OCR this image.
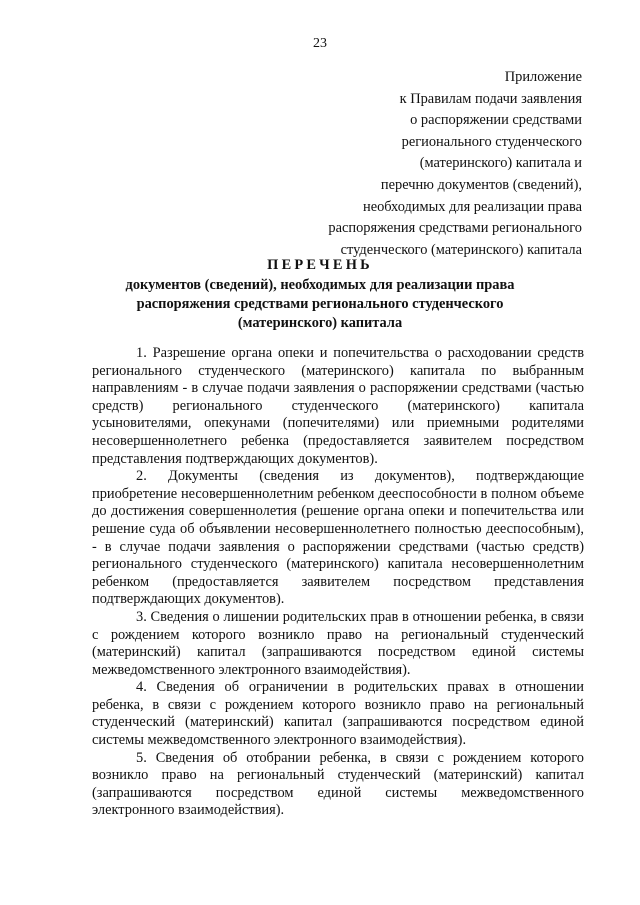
23
Приложение
к Правилам подачи заявления
о распоряжении средствами
регионального студенческого
(материнского) капитала и
перечню документов (сведений),
необходимых для реализации права
распоряжения средствами регионального
студенческого (материнского) капитала
ПЕРЕЧЕНЬ
документов (сведений), необходимых для реализации права
распоряжения средствами регионального студенческого
(материнского) капитала

1. Разрешение органа опеки и попечительства о расходовании средств регионального студенческого (материнского) капитала по выбранным направлениям - в случае подачи заявления о распоряжении средствами (частью средств) регионального студенческого (материнского) капитала усыновителями, опекунами (попечителями) или приемными родителями несовершеннолетнего ребенка (предоставляется заявителем посредством представления подтверждающих документов).

2. Документы (сведения из документов), подтверждающие приобретение несовершеннолетним ребенком дееспособности в полном объеме до достижения совершеннолетия (решение органа опеки и попечительства или решение суда об объявлении несовершеннолетнего полностью дееспособным), - в случае подачи заявления о распоряжении средствами (частью средств) регионального студенческого (материнского) капитала несовершеннолетним ребенком (предоставляется заявителем посредством представления подтверждающих документов).

3. Сведения о лишении родительских прав в отношении ребенка, в связи с рождением которого возникло право на региональный студенческий (материнский) капитал (запрашиваются посредством единой системы межведомственного электронного взаимодействия).

4. Сведения об ограничении в родительских правах в отношении ребенка, в связи с рождением которого возникло право на региональный студенческий (материнский) капитал (запрашиваются посредством единой системы межведомственного электронного взаимодействия).

5. Сведения об отобрании ребенка, в связи с рождением которого возникло право на региональный студенческий (материнский) капитал (запрашиваются посредством единой системы межведомственного электронного взаимодействия).
